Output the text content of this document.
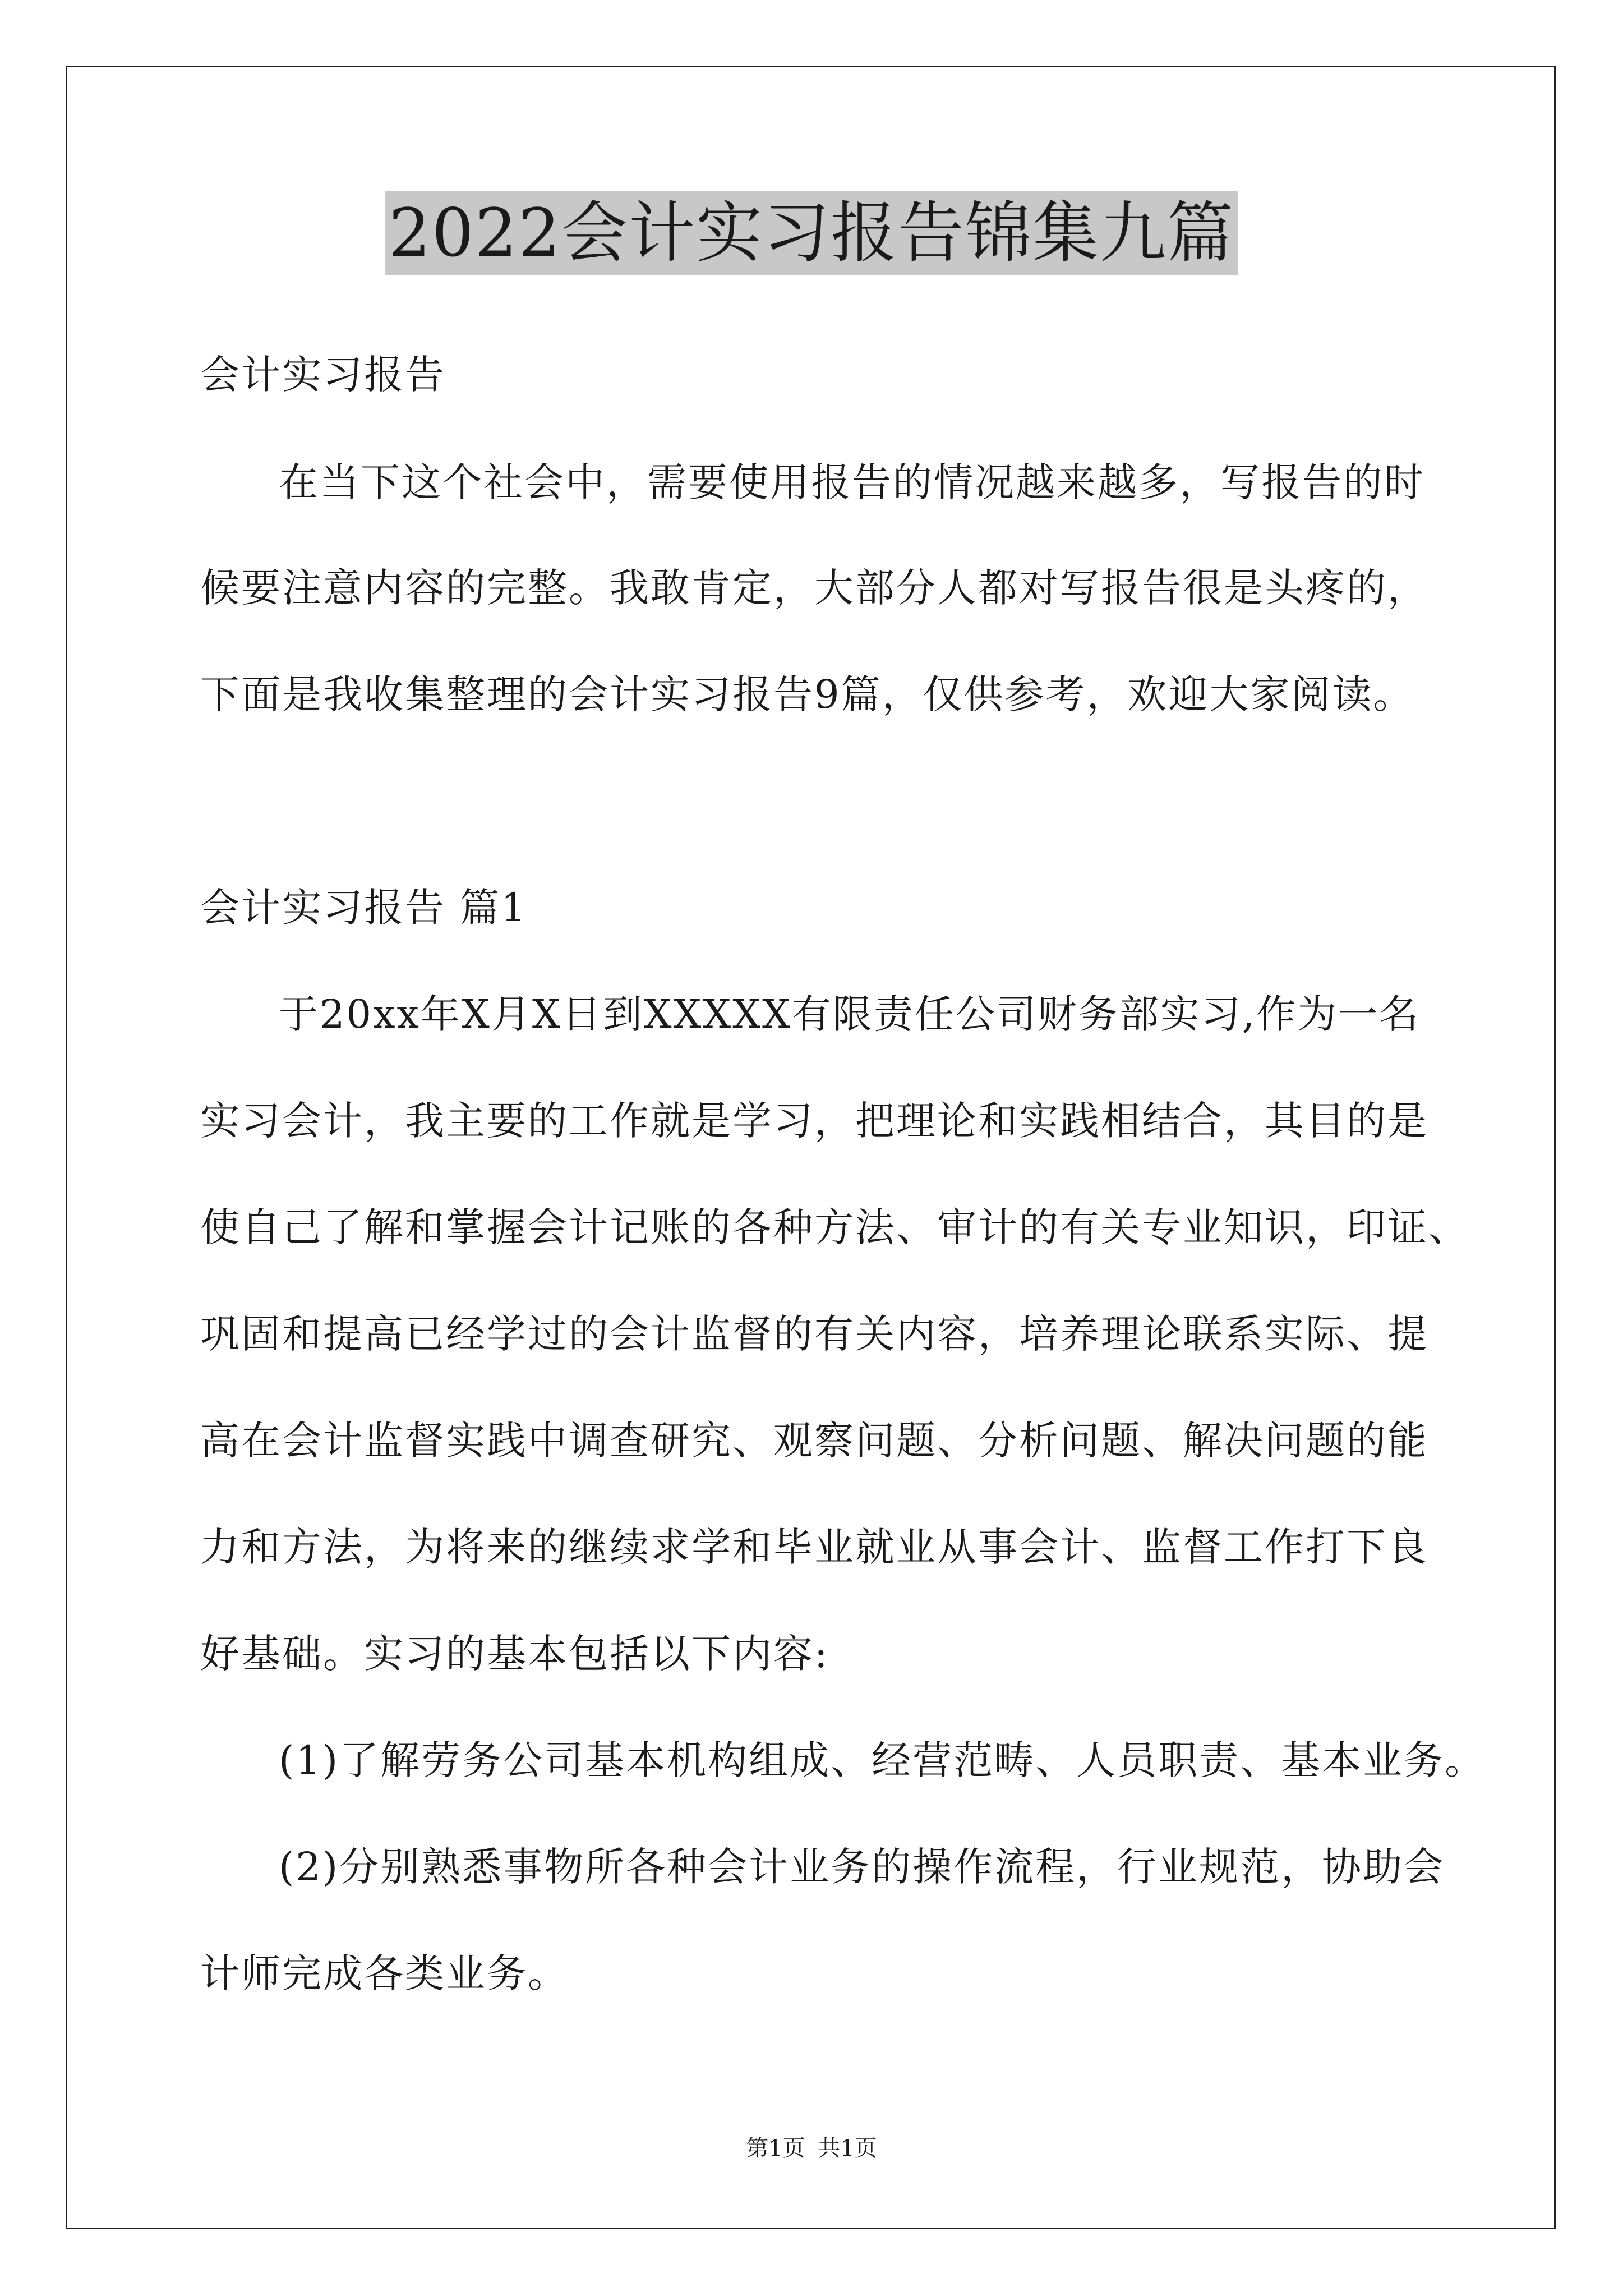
2022会计实习报告锦集九篇
会计实习报告
在当下这个社会中，需要使用报告的情况越来越多，写报告的时
候要注意内容的完整。我敢肯定，大部分人都对写报告很是头疼的，
下面是我收集整理的会计实习报告9篇，仅供参考，欢迎大家阅读。
会计实习报告 篇1
于20xx年X月X日到XXXXX有限责任公司财务部实习,作为一名
实习会计，我主要的工作就是学习，把理论和实践相结合，其目的是
使自己了解和掌握会计记账的各种方法、审计的有关专业知识，印证、
巩固和提高已经学过的会计监督的有关内容，培养理论联系实际、提
高在会计监督实践中调查研究、观察问题、分析问题、解决问题的能
力和方法，为将来的继续求学和毕业就业从事会计、监督工作打下良
好基础。实习的基本包括以下内容:
(1)了解劳务公司基本机构组成、经营范畴、人员职责、基本业务。
(2)分别熟悉事物所各种会计业务的操作流程，行业规范，协助会
计师完成各类业务。
第1页 共1页
